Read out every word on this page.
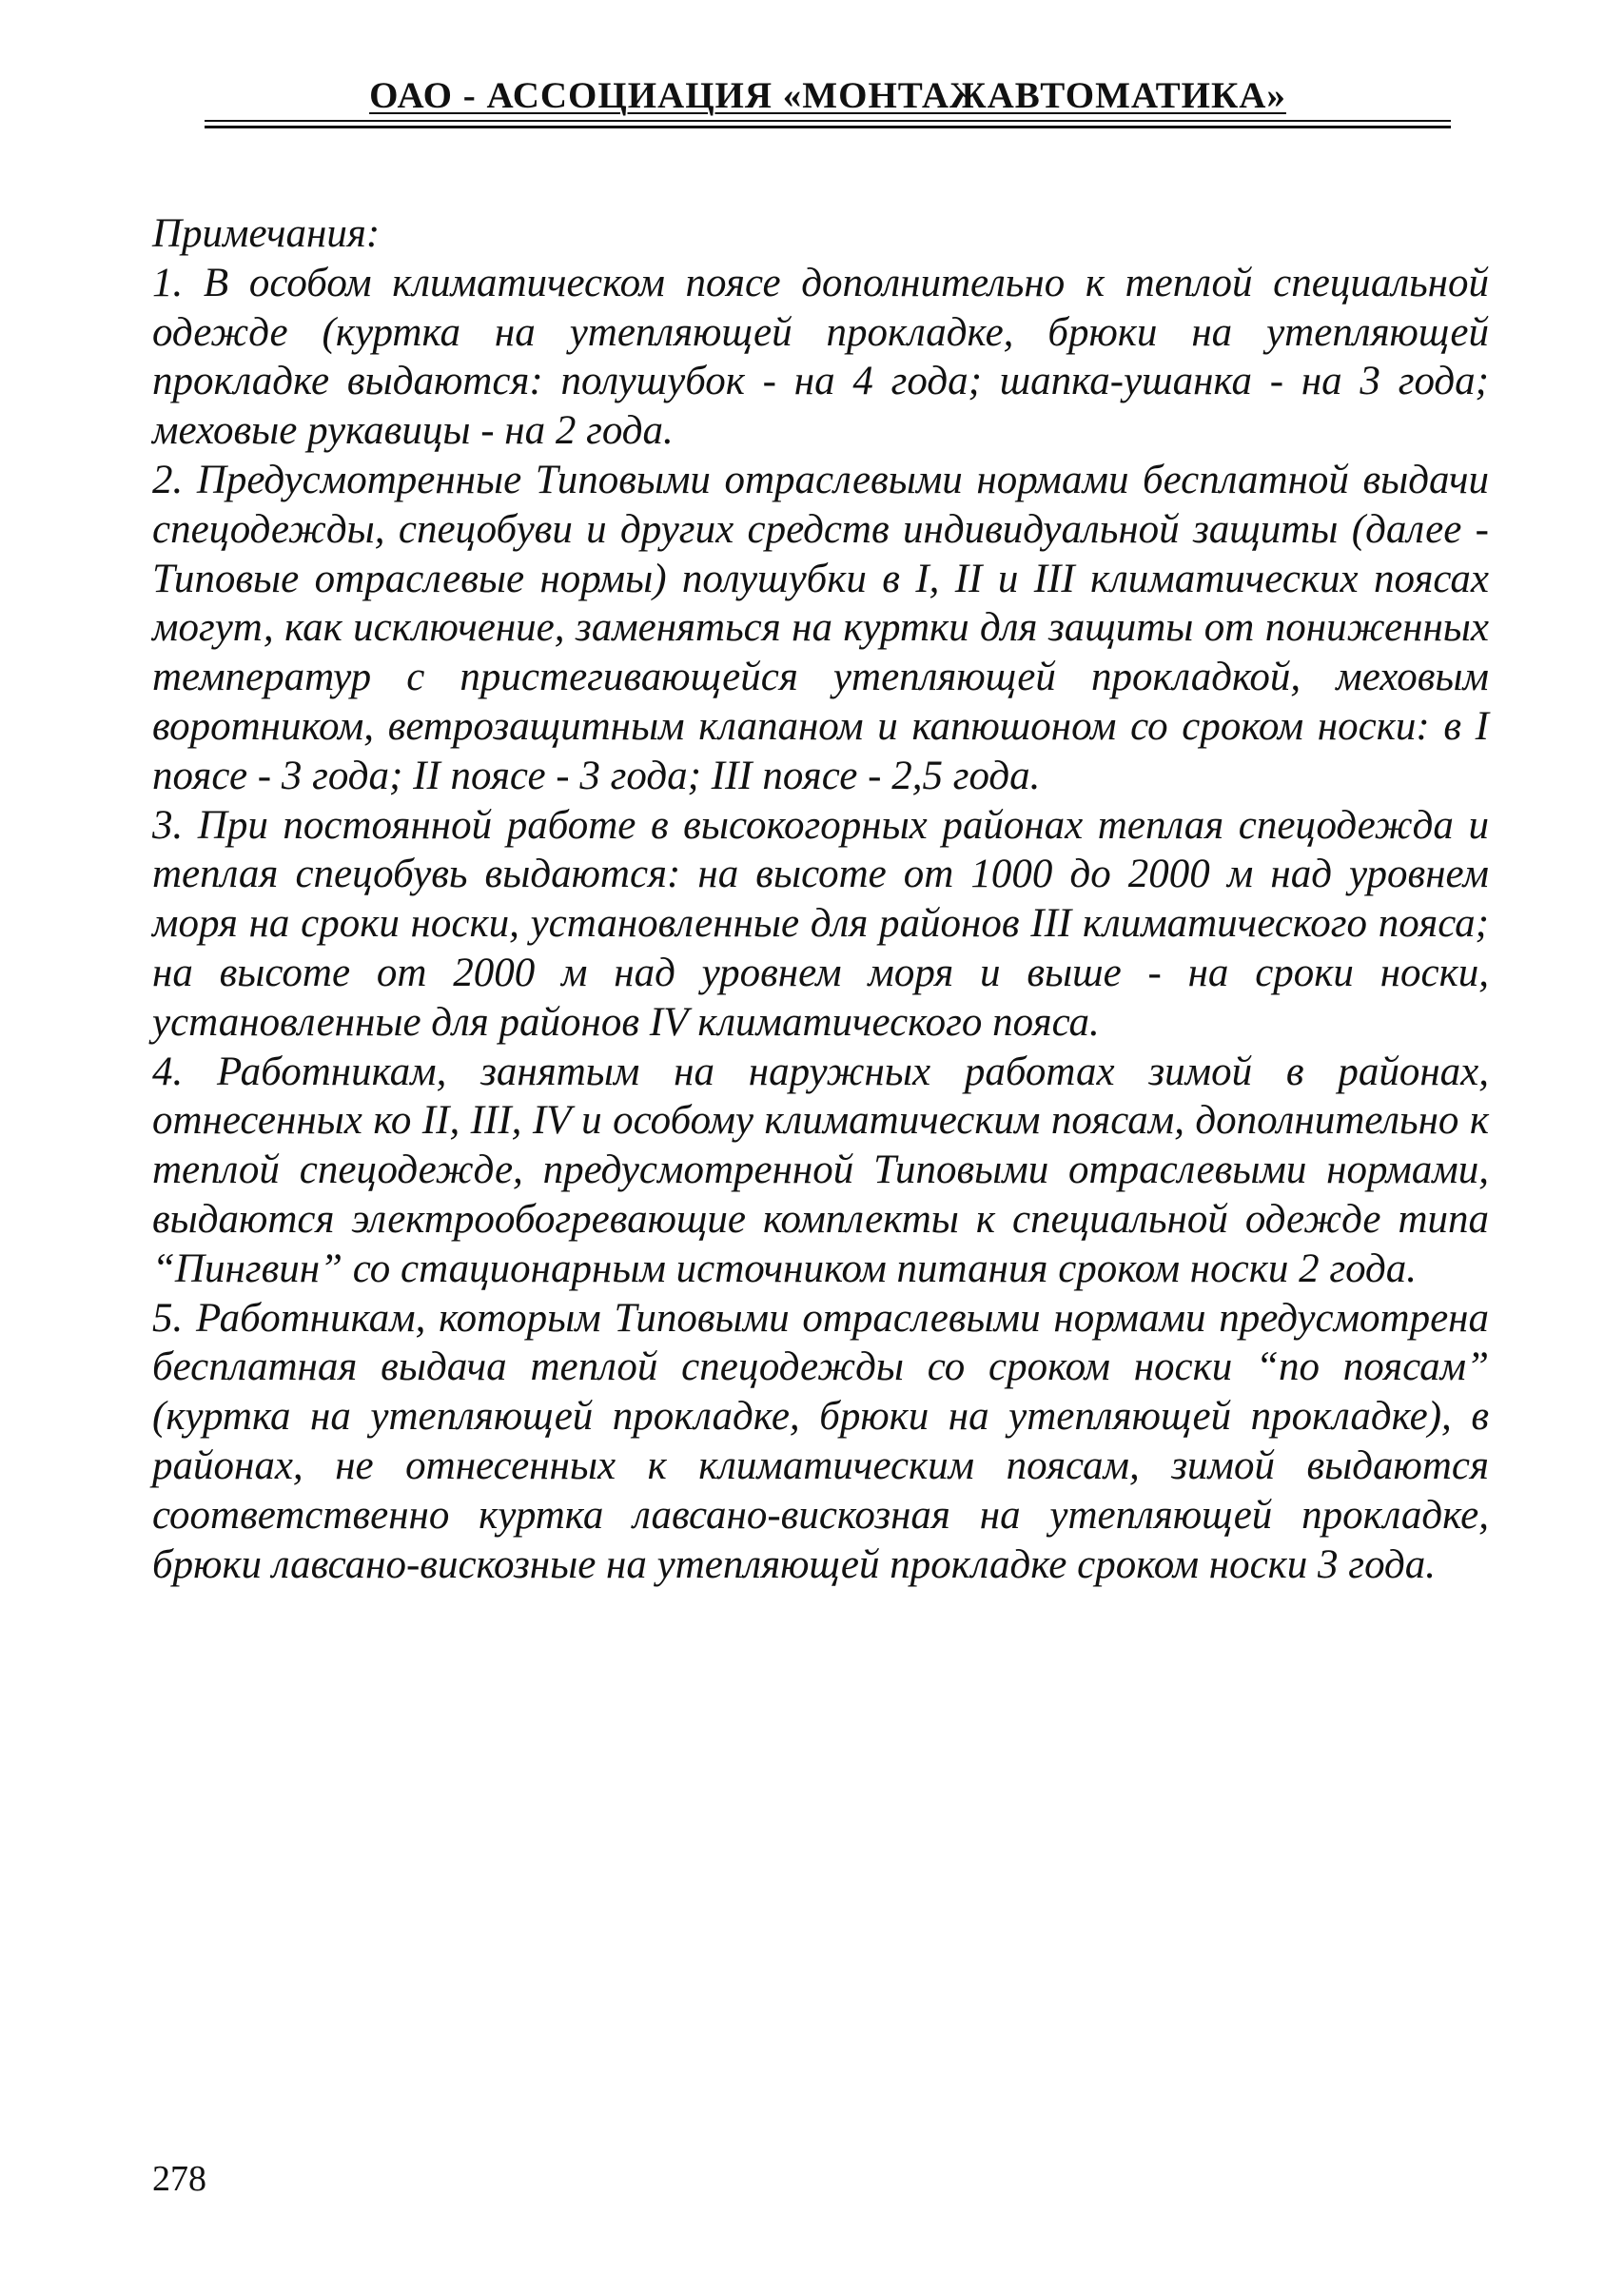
ОАО - АССОЦИАЦИЯ «МОНТАЖАВТОМАТИКА»

Примечания:

1. В особом климатическом поясе дополнительно к теплой специальной одежде (куртка на утепляющей прокладке, брюки на утепляющей прокладке выдаются: полушубок - на 4 года; шапка-ушанка - на 3 года; меховые рукавицы - на 2 года.

2. Предусмотренные Типовыми отраслевыми нормами бесплатной выдачи спецодежды, спецобуви и других средств индивидуальной защиты (далее - Типовые отраслевые нормы) полушубки в I, II и III климатических поясах могут, как исключение, заменяться на куртки для защиты от пониженных температур с пристегивающейся утепляющей прокладкой, меховым воротником, ветрозащитным клапаном и капюшоном со сроком носки: в I поясе - 3 года; II поясе - 3 года; III поясе - 2,5 года.

3. При постоянной работе в высокогорных районах теплая спецодежда и теплая спецобувь выдаются: на высоте от 1000 до 2000 м над уровнем моря на сроки носки, установленные для районов III климатического пояса; на высоте от 2000 м над уровнем моря и выше - на сроки носки, установленные для районов IV климатического пояса.

4. Работникам, занятым на наружных работах зимой в районах, отнесенных ко II, III, IV и особому климатическим поясам, дополнительно к теплой спецодежде, предусмотренной Типовыми отраслевыми нормами, выдаются электрообогревающие комплекты к специальной одежде типа “Пингвин” со стационарным источником питания сроком носки 2 года.

5. Работникам, которым Типовыми отраслевыми нормами предусмотрена бесплатная выдача теплой спецодежды со сроком носки “по поясам” (куртка на утепляющей прокладке, брюки на утепляющей прокладке), в районах, не отнесенных к климатическим поясам, зимой выдаются соответственно куртка лавсано-вискозная на утепляющей прокладке, брюки лавсано-вискозные на утепляющей прокладке сроком носки 3 года.

278
